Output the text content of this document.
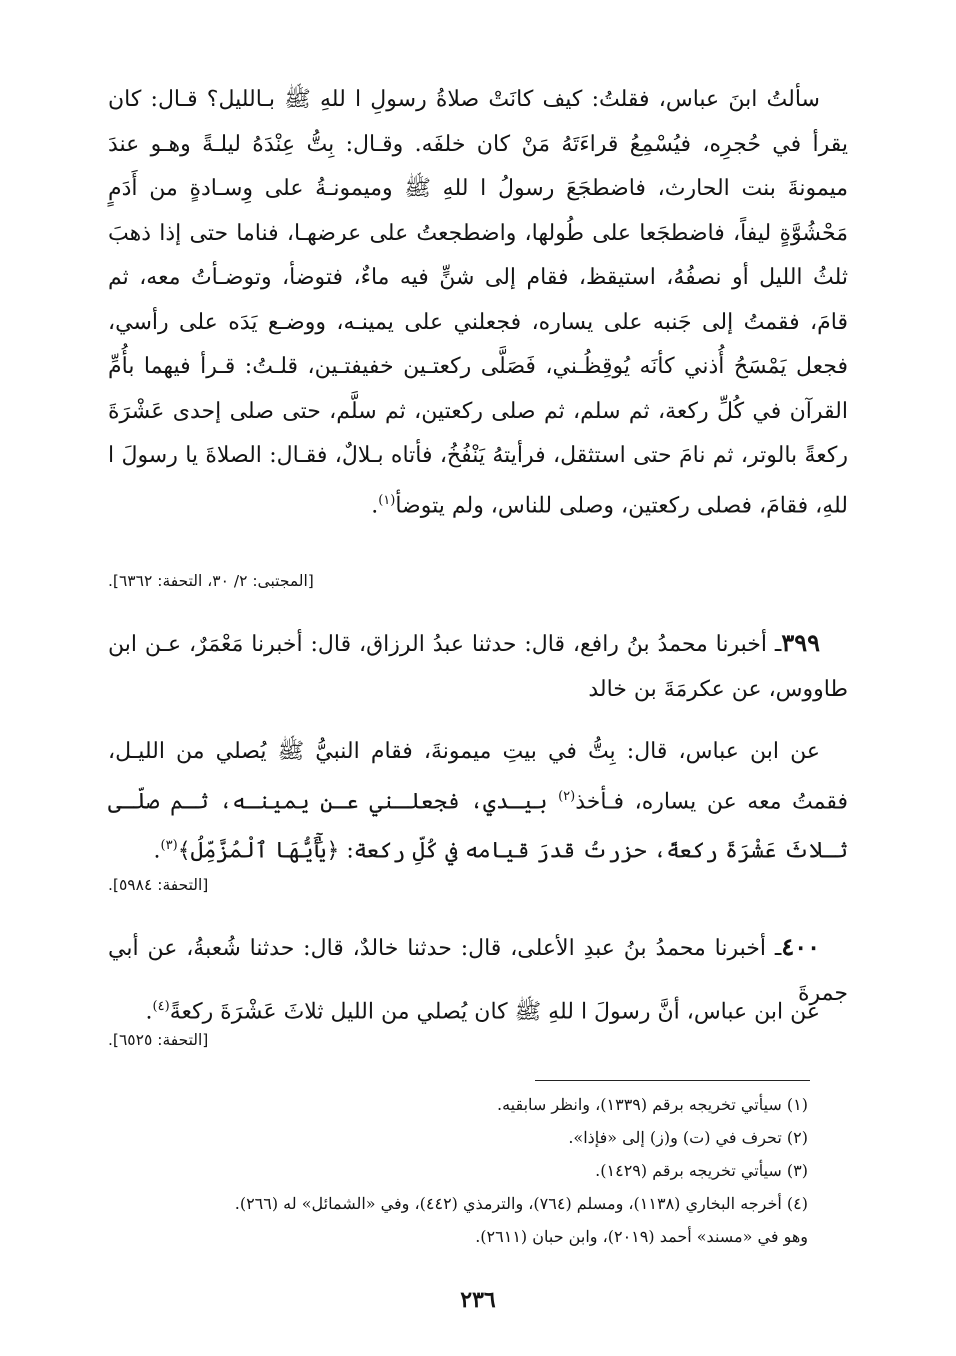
سألتُ ابنَ عباس، فقلتُ: كيف كانَتْ صلاةُ رسولِ ا للهِ ﷺ بـالليل؟ قـال: كان يقرأ في حُجرِه، فيُسْمِعُ قراءَتَهُ مَنْ كان خلفَه. وقـال: بِتُّ عِنْدَهُ ليلـةً وهـو عندَ ميمونةَ بنت الحارث، فاضطجَعَ رسولُ ا للهِ ﷺ وميمونـةُ على وِسـادةٍ من أَدَمٍ مَحْشُوَّةٍ ليفاً، فاضطجَعا على طُولها، واضطجعتُ على عرضهـا، فناما حتى إذا ذهبَ ثلثُ الليل أو نصفُهُ، استيقظ، فقام إلى شنٍّ فيه ماءٌ، فتوضأ، وتوضـأتُ معه، ثم قامَ، فقمتُ إلى جَنبه على يساره، فجعلني على يمينـه، ووضـع يَدَه على رأسي، فجعل يَمْسَحُ أُذني كأنَه يُوقِظُـني، فَصَلَّى ركعتـين خفيفتـين، قلـتُ: قـرأ فيهما بأُمِّ القرآن في كُلِّ ركعة، ثم سلم، ثم صلى ركعتين، ثم سلَّم، حتى صلى إحدى عَشْرَةَ ركعةً بالوتر، ثم نامَ حتى استثقل، فرأيتهُ يَنْفُخُ، فأتاه بـلالٌ، فقـال: الصلاةَ يا رسولَ ا للهِ، فقامَ، فصلى ركعتين، وصلى للناس، ولم يتوضأ$^{(١)}$.
[المجتبى: ٢/ ٣٠، التحفة: ٦٣٦٢].
٣٩٩ـ أخبرنا محمدُ بنُ رافع، قال: حدثنا عبدُ الرزاق، قال: أخبرنا مَعْمَرٌ، عـن ابن طاووس، عن عكرمَةَ بن خالد
عن ابن عباس، قال: بِتُّ في بيتِ ميمونةَ، فقام النبيُّ ﷺ يُصلي من الليـل، فقمتُ معه عن يساره، فـأخذ$^{(٢)}$ بيـدي، فجعلـني عـن يمينـه، ثـم صلّـى ثـلاثَ عَشْرَةَ ركعةً، حزرتُ قدرَ قيامه في كُلِّ ركعة: ﴿يَٰٓأَيُّهَا ٱلْمُزَّمِّلُ﴾$^{(٣)}$.
[التحفة: ٥٩٨٤].
٤٠٠ـ أخبرنا محمدُ بنُ عبدِ الأعلى، قال: حدثنا خالدٌ، قال: حدثنا شُعبةُ، عن أبي جمرةَ
عن ابن عباس، أنَّ رسولَ ا للهِ ﷺ كان يُصلي من الليل ثلاثَ عَشْرَةَ ركعةً$^{(٤)}$.
[التحفة: ٦٥٢٥].
(١) سيأتي تخريجه برقم (١٣٣٩)، وانظر سابقيه.
(٢) تحرف في (ت) و(ز) إلى «فإذا».
(٣) سيأتي تخريجه برقم (١٤٢٩).
(٤) أخرجه البخاري (١١٣٨)، ومسلم (٧٦٤)، والترمذي (٤٤٢)، وفي «الشمائل» له (٢٦٦).
وهو في «مسند» أحمد (٢٠١٩)، وابن حبان (٢٦١١).
٢٣٦
